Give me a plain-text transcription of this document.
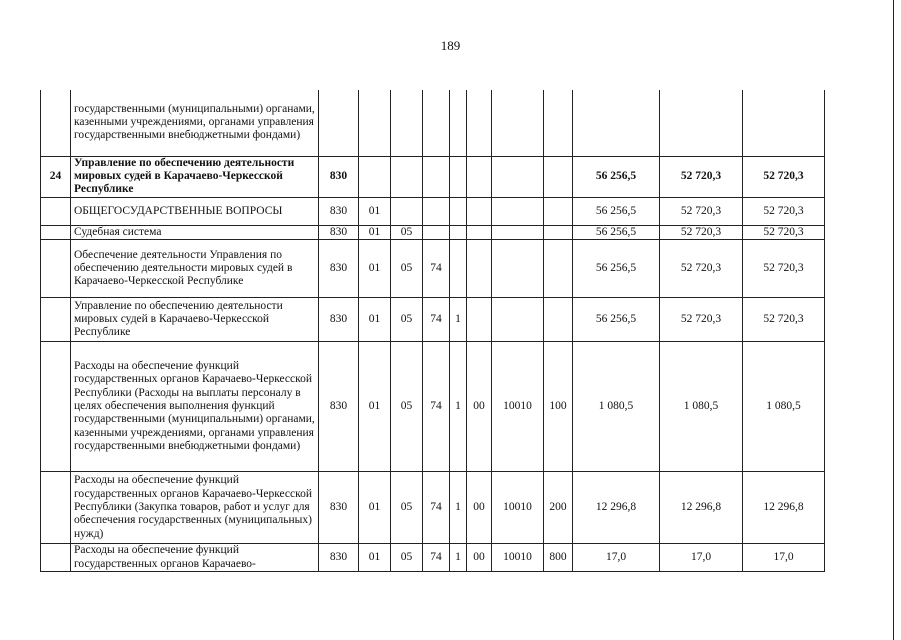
189
	государственными (муниципальными) органами, казенными учреждениями, органами управления государственными внебюджетными фондами)											
24	Управление по обеспечению деятельности мировых судей в Карачаево-Черкесской Республике	830								56 256,5	52 720,3	52 720,3
	ОБЩЕГОСУДАРСТВЕННЫЕ ВОПРОСЫ	830	01							56 256,5	52 720,3	52 720,3
	Судебная система	830	01	05						56 256,5	52 720,3	52 720,3
	Обеспечение деятельности Управления по обеспечению деятельности мировых судей в Карачаево-Черкесской Республике	830	01	05	74					56 256,5	52 720,3	52 720,3
	Управление по обеспечению деятельности мировых судей в Карачаево-Черкесской Республике	830	01	05	74	1				56 256,5	52 720,3	52 720,3
	Расходы на обеспечение функций государственных органов Карачаево-Черкесской Республики (Расходы на выплаты персоналу в целях обеспечения выполнения функций государственными (муниципальными) органами, казенными учреждениями, органами управления государственными внебюджетными фондами)	830	01	05	74	1	00	10010	100	1 080,5	1 080,5	1 080,5
	Расходы на обеспечение функций государственных органов Карачаево-Черкесской Республики (Закупка товаров, работ и услуг для обеспечения государственных (муниципальных) нужд)	830	01	05	74	1	00	10010	200	12 296,8	12 296,8	12 296,8
	Расходы на обеспечение функций государственных органов Карачаево-	830	01	05	74	1	00	10010	800	17,0	17,0	17,0
